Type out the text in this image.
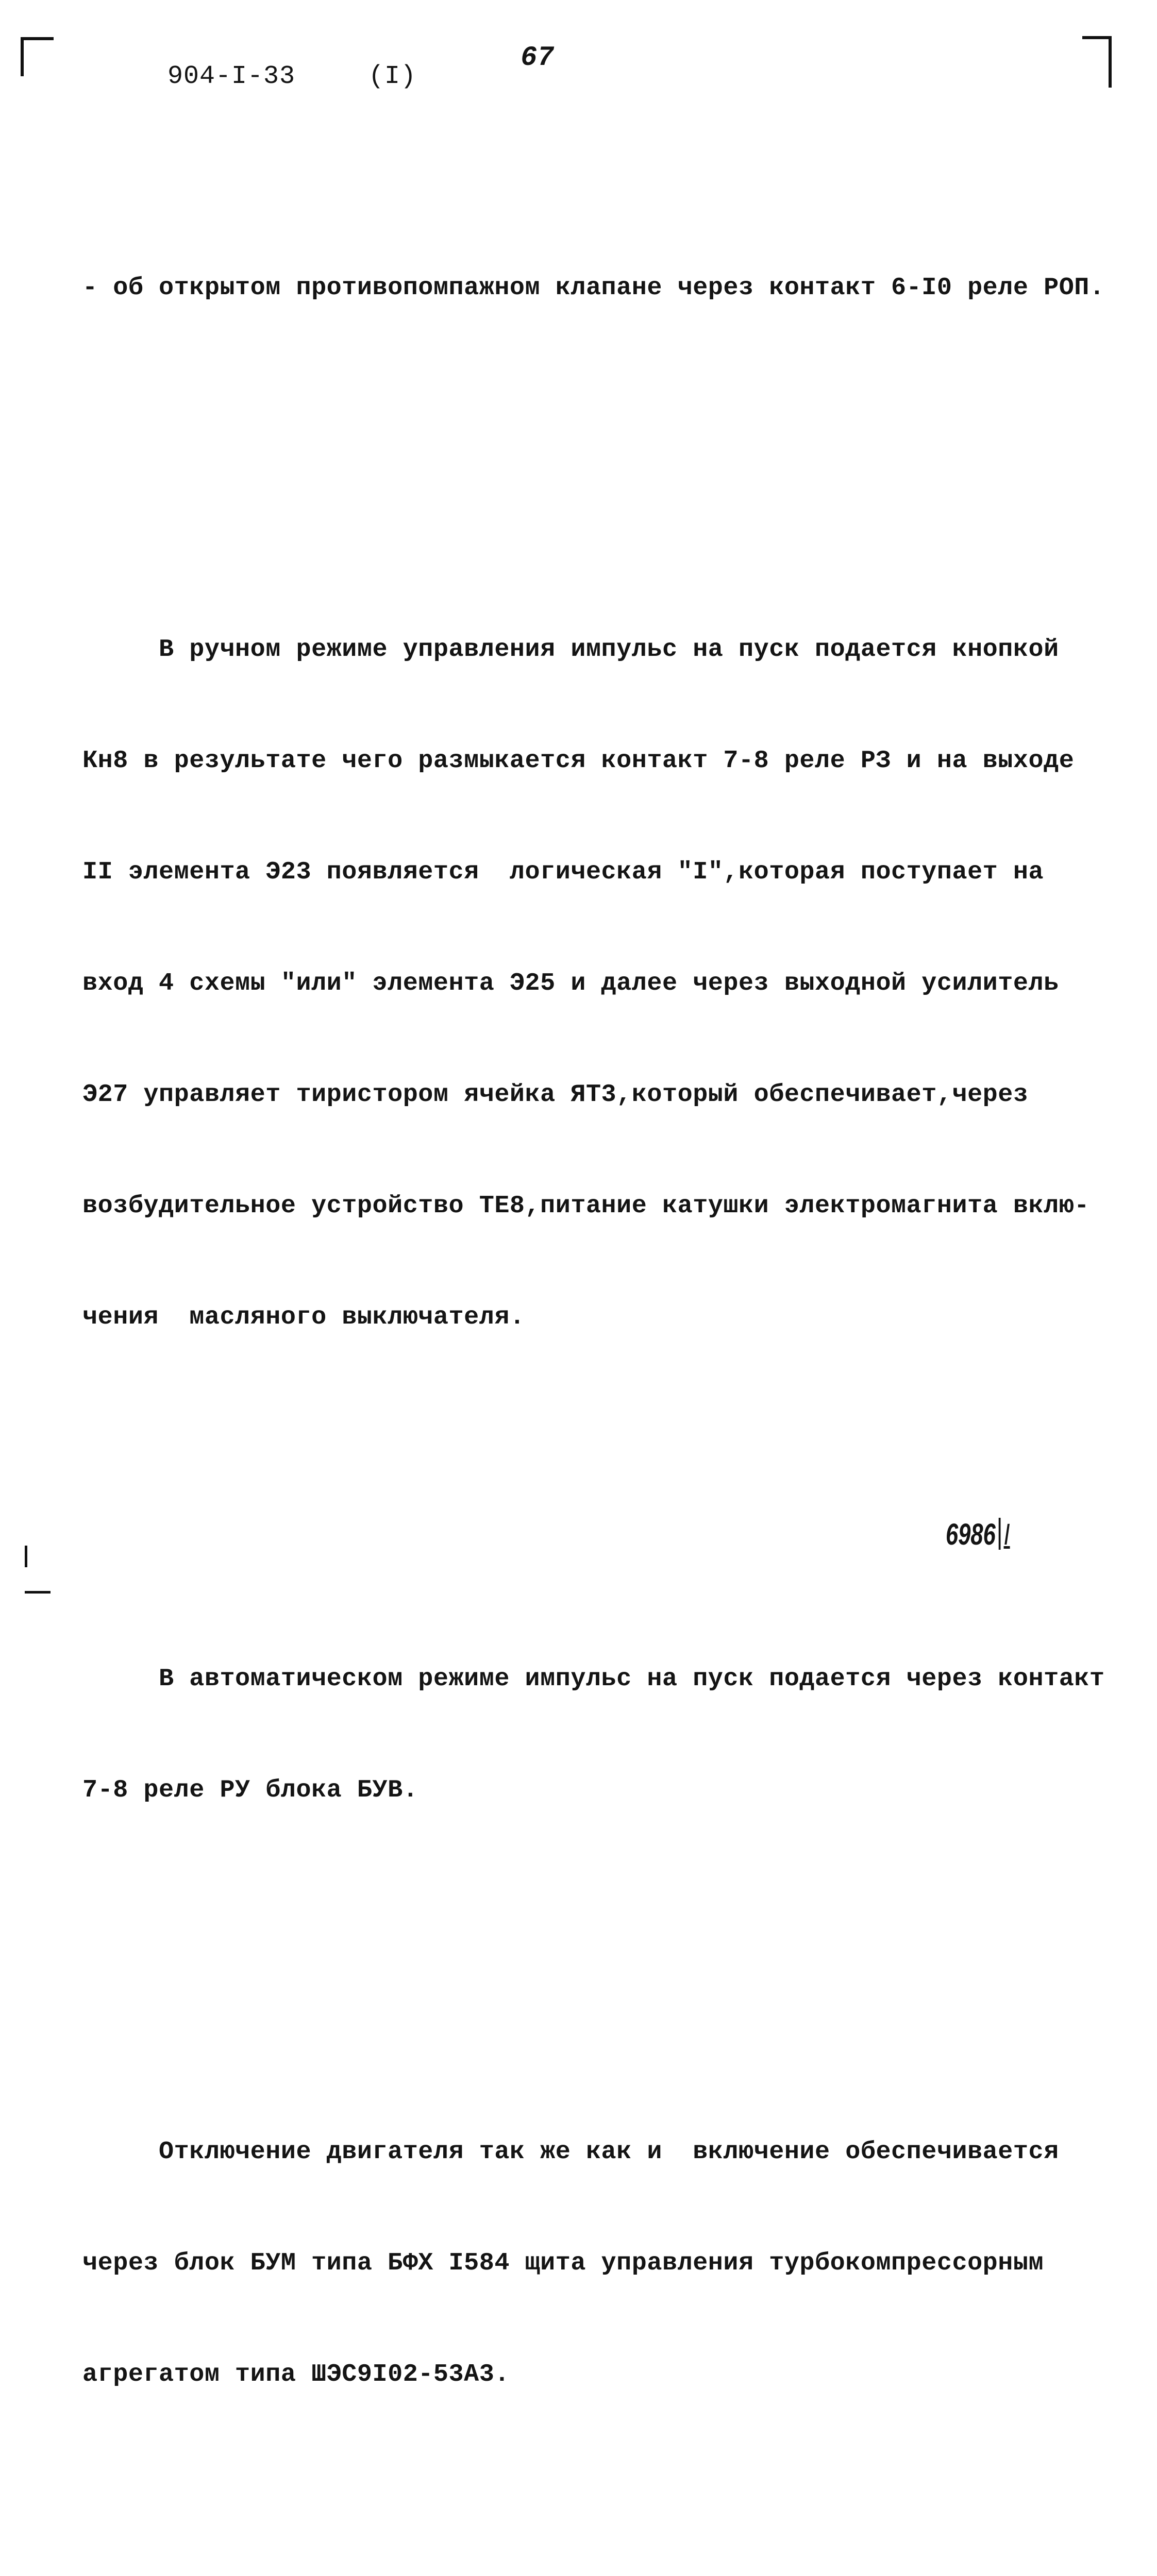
904-I-33	(I)
67

- об открытом противопомпажном клапане через контакт 6-I0 реле РОП.

В ручном режиме управления импульс на пуск подается кнопкой

Кн8 в результате чего размыкается контакт 7-8 реле РЗ и на выходе

II элемента Э23 появляется  логическая "I",которая поступает на

вход 4 схемы "или" элемента Э25 и далее через выходной усилитель

Э27 управляет тиристором ячейка ЯТ3,который обеспечивает,через

возбудительное устройство ТЕ8,питание катушки электромагнита вклю-

чения  масляного выключателя.

В автоматическом режиме импульс на пуск подается через контакт

7-8 реле РУ блока БУВ.

Отключение двигателя так же как и  включение обеспечивается

через блок БУМ типа БФХ I584 щита управления турбокомпрессорным

агрегатом типа ШЭС9I02-53А3.

6986 I
